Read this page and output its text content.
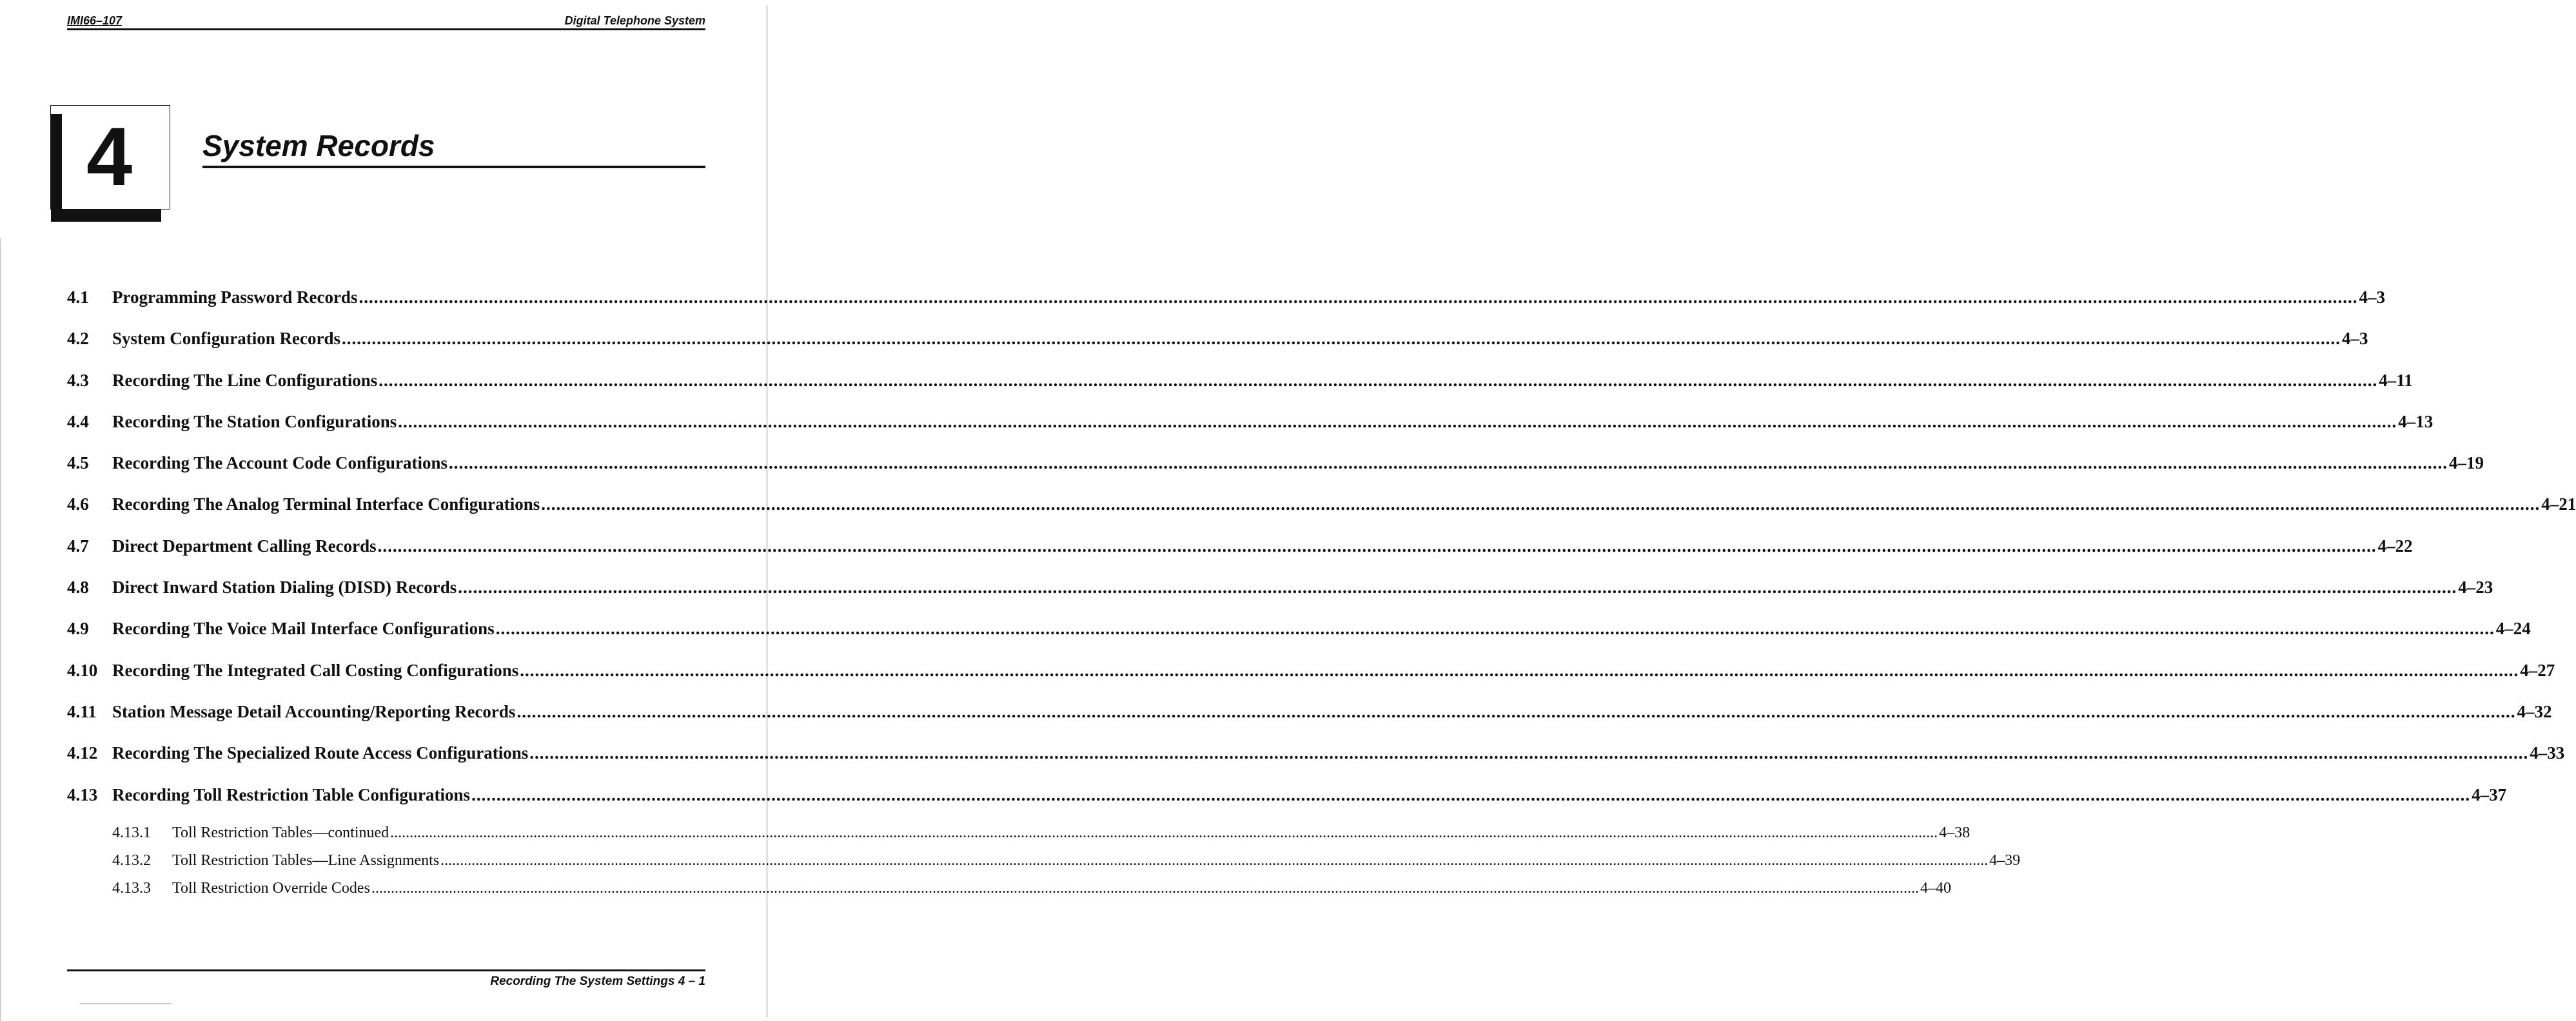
IMI66–107	Digital Telephone System
4 System Records
4.1	Programming Password Records ................................................................................................................................................................................................................................................................................................................................................................................................................ 4–3
4.2	System Configuration Records ................................................................................................................................................................................................................................................................................................................................................................................................................ 4–3
4.3	Recording The Line Configurations ................................................................................................................................................................................................................................................................................................................................................................................................................ 4–11
4.4	Recording The Station Configurations ................................................................................................................................................................................................................................................................................................................................................................................................................ 4–13
4.5	Recording The Account Code Configurations ................................................................................................................................................................................................................................................................................................................................................................................................................ 4–19
4.6	Recording The Analog Terminal Interface Configurations ................................................................................................................................................................................................................................................................................................................................................................................................................ 4–21
4.7	Direct Department Calling Records ................................................................................................................................................................................................................................................................................................................................................................................................................ 4–22
4.8	Direct Inward Station Dialing (DISD) Records ................................................................................................................................................................................................................................................................................................................................................................................................................ 4–23
4.9	Recording The Voice Mail Interface Configurations ................................................................................................................................................................................................................................................................................................................................................................................................................ 4–24
4.10 Recording The Integrated Call Costing Configurations ................................................................................................................................................................................................................................................................................................................................................................................................................ 4–27
4.11 Station Message Detail Accounting/Reporting Records ................................................................................................................................................................................................................................................................................................................................................................................................................ 4–32
4.12 Recording The Specialized Route Access Configurations ................................................................................................................................................................................................................................................................................................................................................................................................................ 4–33
4.13 Recording Toll Restriction Table Configurations ................................................................................................................................................................................................................................................................................................................................................................................................................ 4–37
4.13.1	Toll Restriction Tables—continued ................................................................................................................................................................................................................................................................................................................................................................................................................ 4–38
4.13.2	Toll Restriction Tables—Line Assignments ................................................................................................................................................................................................................................................................................................................................................................................................................ 4–39
4.13.3	Toll Restriction Override Codes ................................................................................................................................................................................................................................................................................................................................................................................................................ 4–40
Recording The System Settings 4 – 1
